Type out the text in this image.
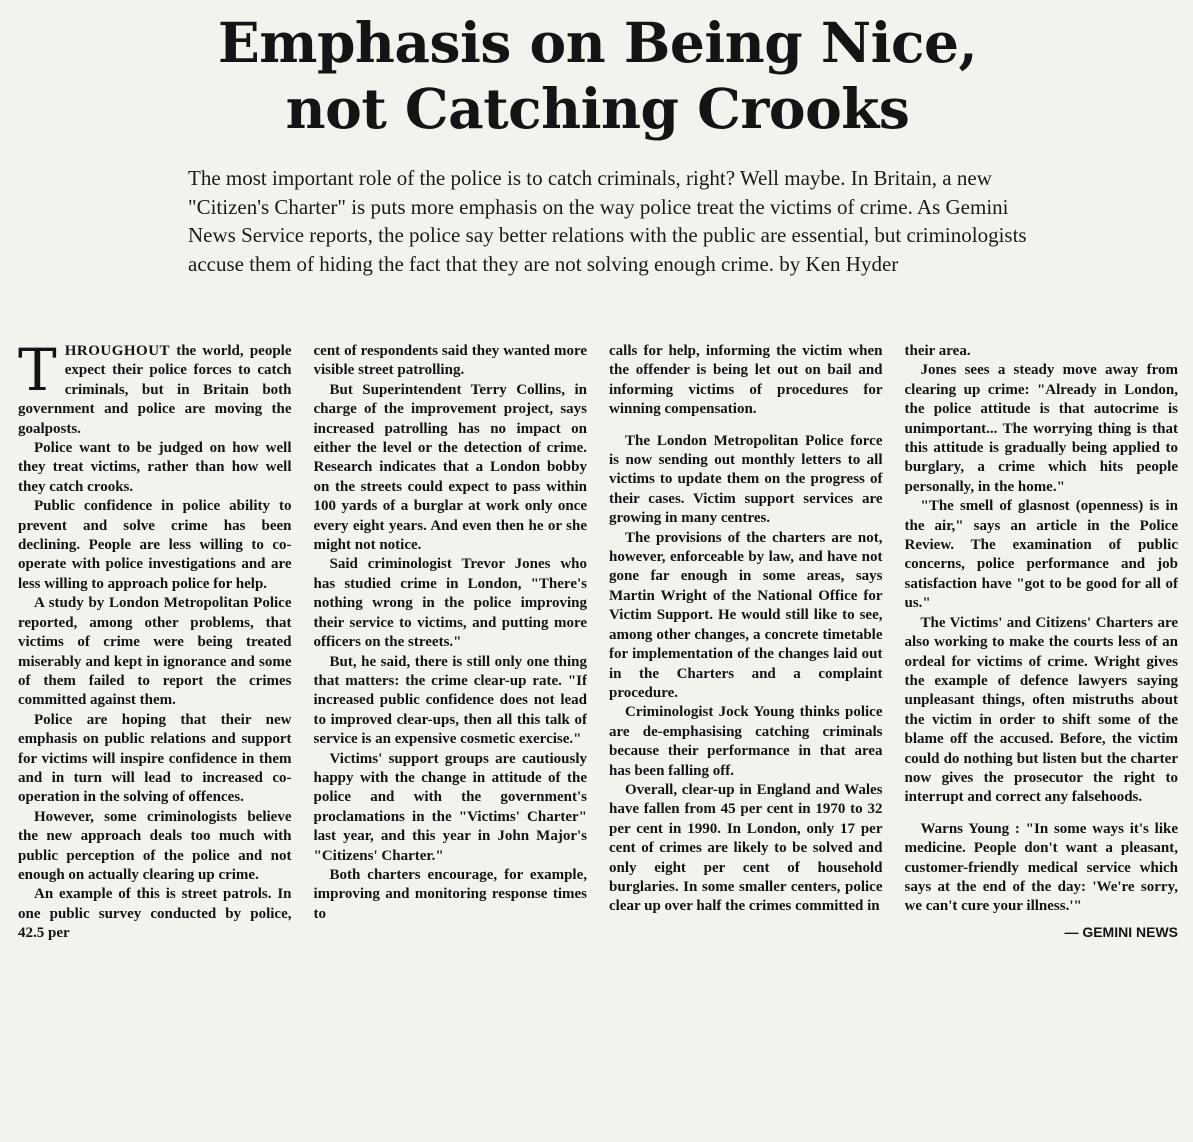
Emphasis on Being Nice,
not Catching Crooks
The most important role of the police is to catch criminals, right? Well maybe. In Britain, a new "Citizen's Charter" is puts more emphasis on the way police treat the victims of crime. As Gemini News Service reports, the police say better relations with the public are essential, but criminologists accuse them of hiding the fact that they are not solving enough crime. by Ken Hyder

THROUGHOUT the world, people expect their police forces to catch criminals, but in Britain both government and police are moving the goalposts.

Police want to be judged on how well they treat victims, rather than how well they catch crooks.

Public confidence in police ability to prevent and solve crime has been declining. People are less willing to co-operate with police investigations and are less willing to approach police for help.

A study by London Metropolitan Police reported, among other problems, that victims of crime were being treated miserably and kept in ignorance and some of them failed to report the crimes committed against them.

Police are hoping that their new emphasis on public relations and support for victims will inspire confidence in them and in turn will lead to increased co-operation in the solving of offences.

However, some criminologists believe the new approach deals too much with public perception of the police and not enough on actually clearing up crime.

An example of this is street patrols. In one public survey conducted by police, 42.5 per

cent of respondents said they wanted more visible street patrolling.

But Superintendent Terry Collins, in charge of the improvement project, says increased patrolling has no impact on either the level or the detection of crime. Research indicates that a London bobby on the streets could expect to pass within 100 yards of a burglar at work only once every eight years. And even then he or she might not notice.

Said criminologist Trevor Jones who has studied crime in London, "There's nothing wrong in the police improving their service to victims, and putting more officers on the streets."

But, he said, there is still only one thing that matters: the crime clear-up rate. "If increased public confidence does not lead to improved clear-ups, then all this talk of service is an expensive cosmetic exercise."

Victims' support groups are cautiously happy with the change in attitude of the police and with the government's proclamations in the "Victims' Charter" last year, and this year in John Major's "Citizens' Charter."

Both charters encourage, for example, improving and monitoring response times to

calls for help, informing the victim when the offender is being let out on bail and informing victims of procedures for winning compensation.

The London Metropolitan Police force is now sending out monthly letters to all victims to update them on the progress of their cases. Victim support services are growing in many centres.

The provisions of the charters are not, however, enforceable by law, and have not gone far enough in some areas, says Martin Wright of the National Office for Victim Support. He would still like to see, among other changes, a concrete timetable for implementation of the changes laid out in the Charters and a complaint procedure.

Criminologist Jock Young thinks police are de-emphasising catching criminals because their performance in that area has been falling off.

Overall, clear-up in England and Wales have fallen from 45 per cent in 1970 to 32 per cent in 1990. In London, only 17 per cent of crimes are likely to be solved and only eight per cent of household burglaries. In some smaller centers, police clear up over half the crimes committed in

their area.

Jones sees a steady move away from clearing up crime: "Already in London, the police attitude is that autocrime is unimportant... The worrying thing is that this attitude is gradually being applied to burglary, a crime which hits people personally, in the home."

"The smell of glasnost (openness) is in the air," says an article in the Police Review. The examination of public concerns, police performance and job satisfaction have "got to be good for all of us."

The Victims' and Citizens' Charters are also working to make the courts less of an ordeal for victims of crime. Wright gives the example of defence lawyers saying unpleasant things, often mistruths about the victim in order to shift some of the blame off the accused. Before, the victim could do nothing but listen but the charter now gives the prosecutor the right to interrupt and correct any falsehoods.

Warns Young : "In some ways it's like medicine. People don't want a pleasant, customer-friendly medical service which says at the end of the day: 'We're sorry, we can't cure your illness.'"

— GEMINI NEWS
